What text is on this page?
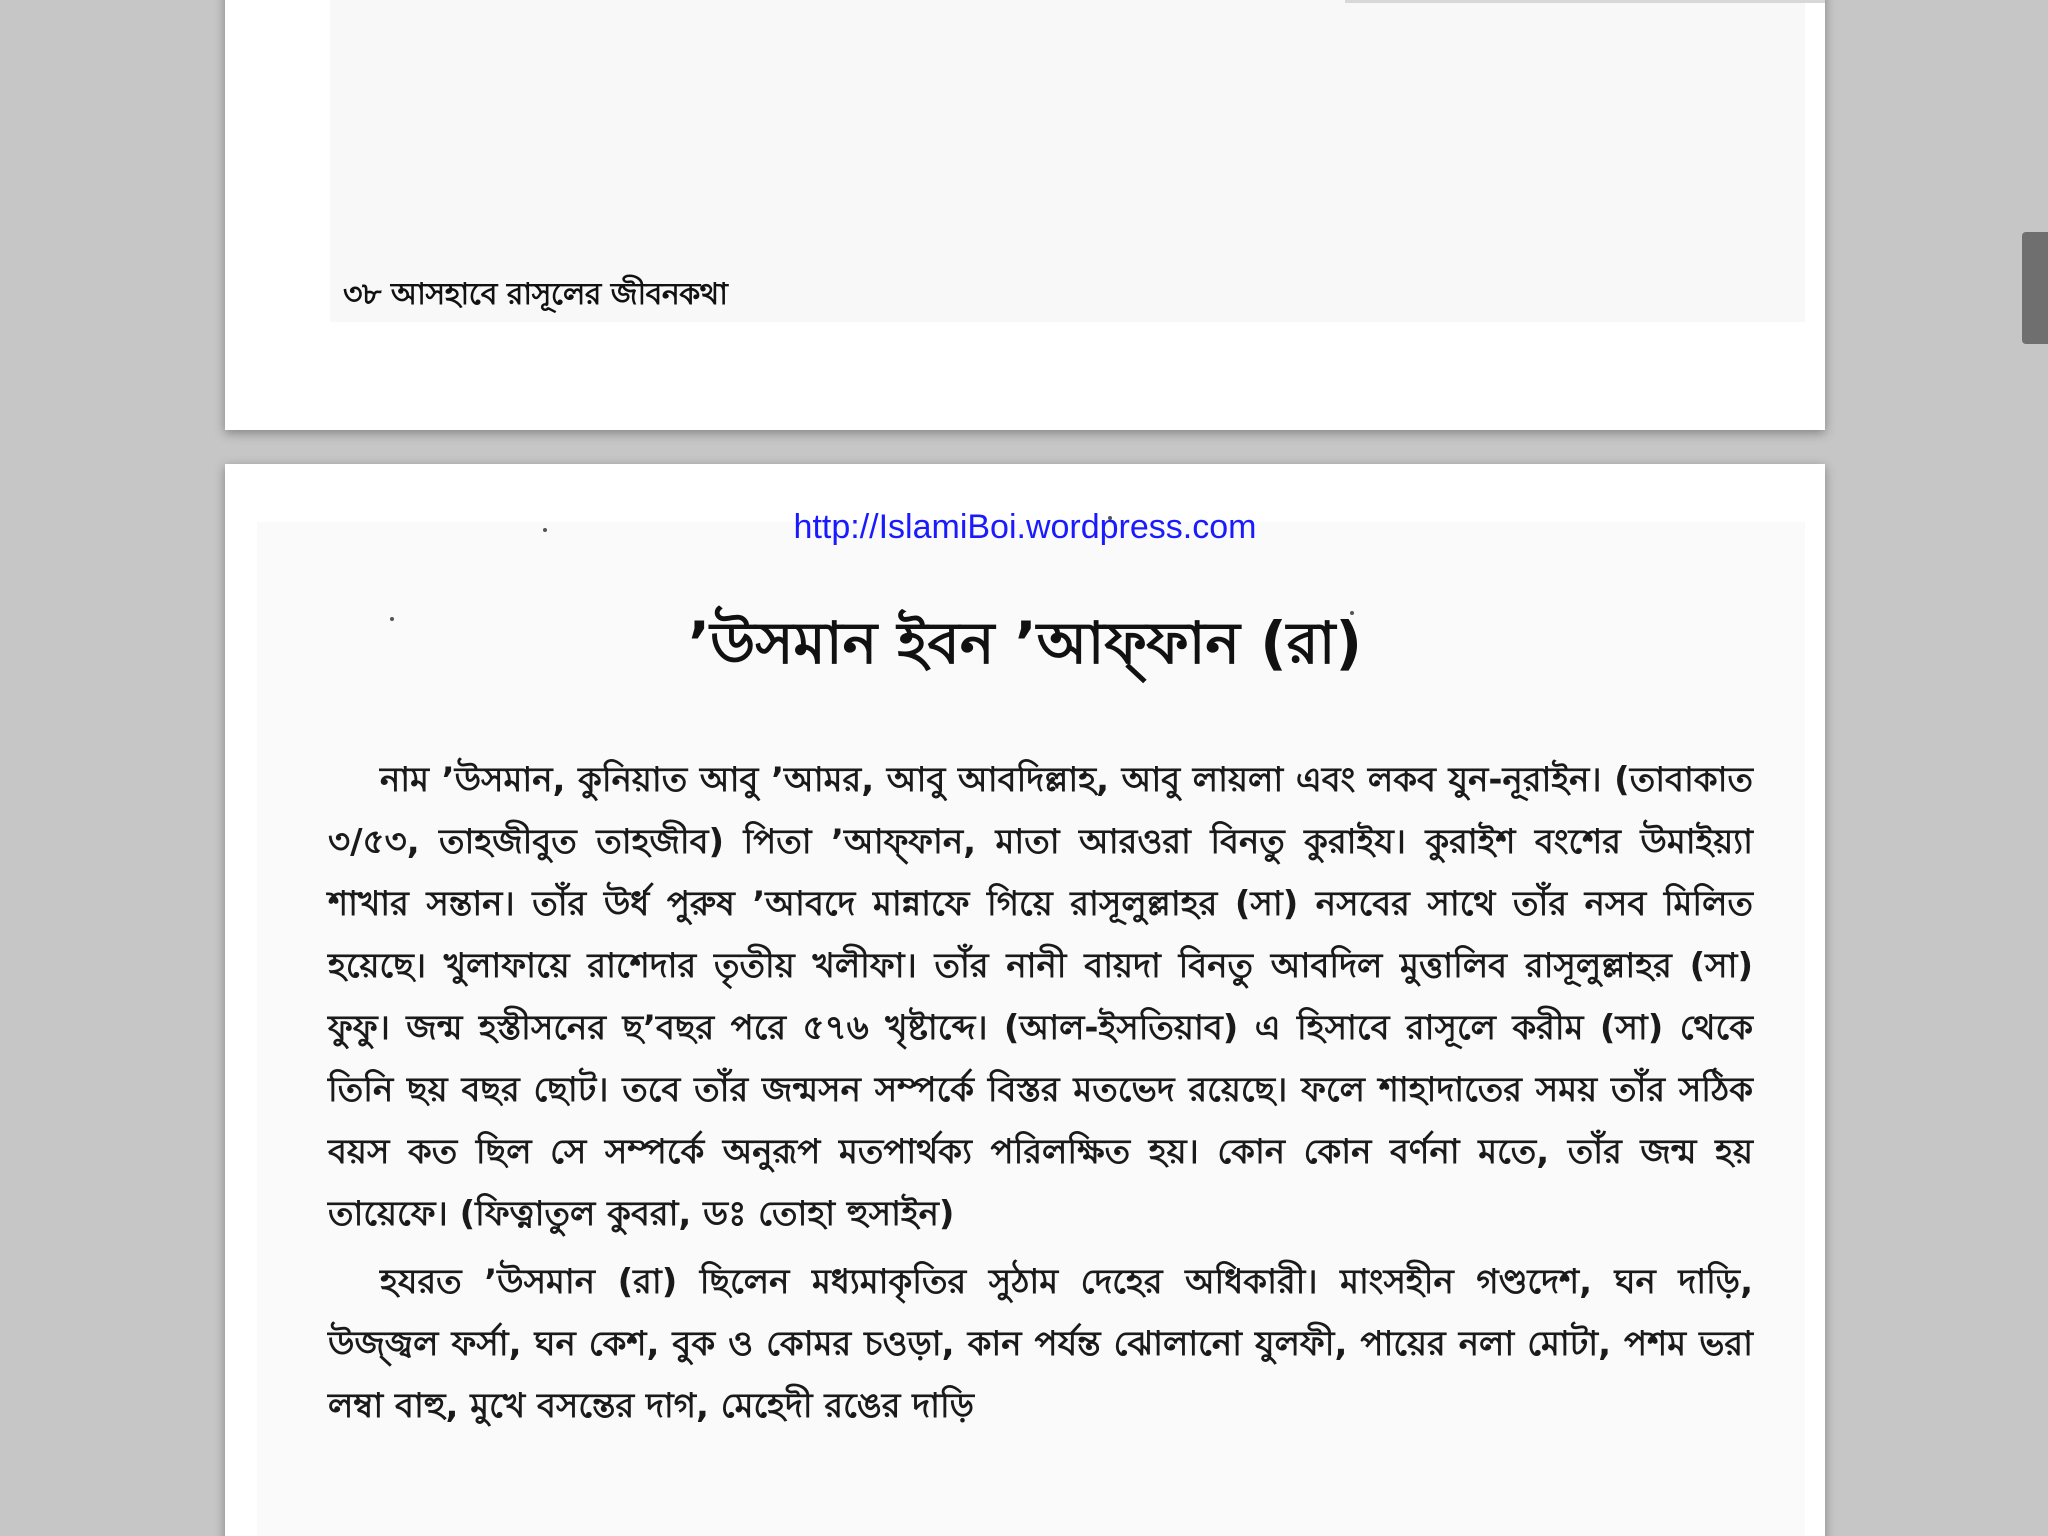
৩৮ আসহাবে রাসূলের জীবনকথা
http://IslamiBoi.wordpress.com
’উসমান ইবন ’আফ্ফান (রা)

নাম ’উসমান, কুনিয়াত আবু ’আমর, আবু আবদিল্লাহ, আবু লায়লা এবং লকব যুন-নূরাইন। (তাবাকাত ৩/৫৩, তাহজীবুত তাহজীব) পিতা ’আফ্ফান, মাতা আরওরা বিনতু কুরাইয। কুরাইশ বংশের উমাইয়্যা শাখার সন্তান। তাঁর উর্ধ পুরুষ ’আবদে মান্নাফে গিয়ে রাসূলুল্লাহর (সা) নসবের সাথে তাঁর নসব মিলিত হয়েছে। খুলাফায়ে রাশেদার তৃতীয় খলীফা। তাঁর নানী বায়দা বিনতু আবদিল মুত্তালিব রাসূলুল্লাহর (সা) ফুফু। জন্ম হস্তীসনের ছ’বছর পরে ৫৭৬ খৃষ্টাব্দে। (আল-ইসতিয়াব) এ হিসাবে রাসূলে করীম (সা) থেকে তিনি ছয় বছর ছোট। তবে তাঁর জন্মসন সম্পর্কে বিস্তর মতভেদ রয়েছে। ফলে শাহাদাতের সময় তাঁর সঠিক বয়স কত ছিল সে সম্পর্কে অনুরূপ মতপার্থক্য পরিলক্ষিত হয়। কোন কোন বর্ণনা মতে, তাঁর জন্ম হয় তায়েফে। (ফিত্নাতুল কুবরা, ডঃ তোহা হুসাইন)

হযরত ’উসমান (রা) ছিলেন মধ্যমাকৃতির সুঠাম দেহের অধিকারী। মাংসহীন গণ্ডদেশ, ঘন দাড়ি, উজ্জ্বল ফর্সা, ঘন কেশ, বুক ও কোমর চওড়া, কান পর্যন্ত ঝোলানো যুলফী, পায়ের নলা মোটা, পশম ভরা লম্বা বাহু, মুখে বসন্তের দাগ, মেহেদী রঙের দাড়ি
